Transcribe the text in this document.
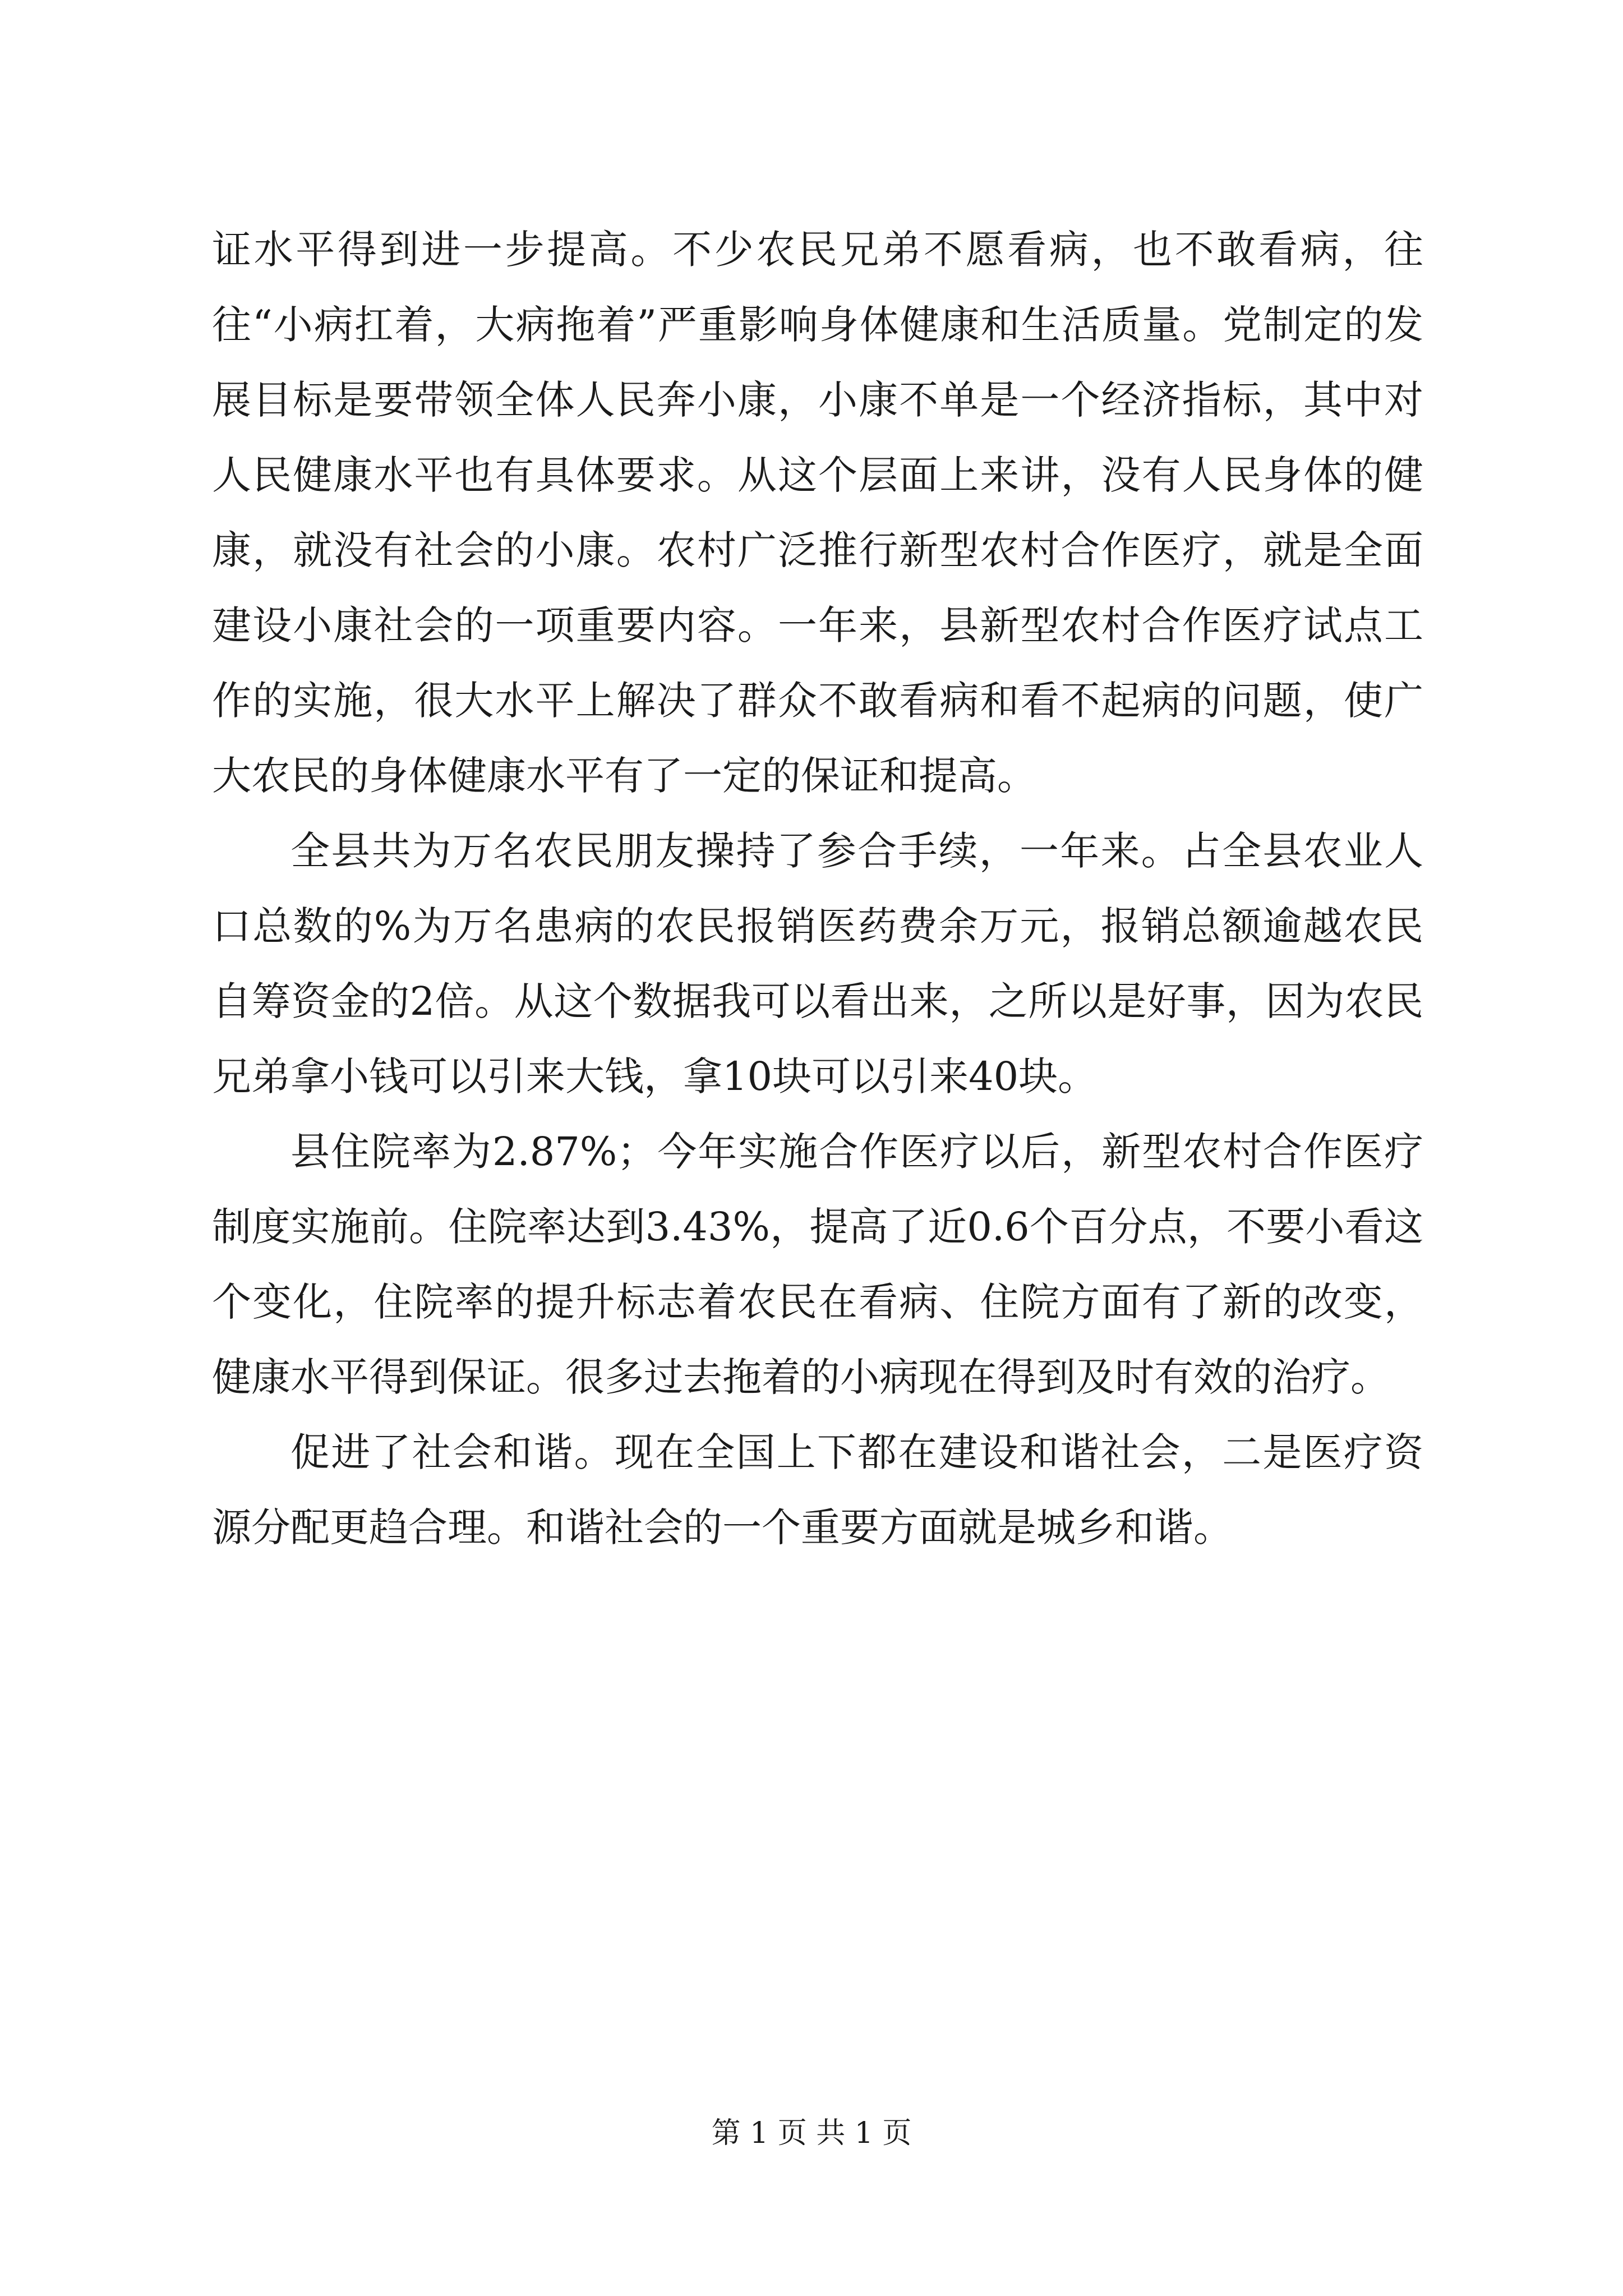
证水平得到进一步提高。不少农民兄弟不愿看病，也不敢看病，往往“小病扛着，大病拖着”严重影响身体健康和生活质量。党制定的发展目标是要带领全体人民奔小康，小康不单是一个经济指标，其中对人民健康水平也有具体要求。从这个层面上来讲，没有人民身体的健康，就没有社会的小康。农村广泛推行新型农村合作医疗，就是全面建设小康社会的一项重要内容。一年来，县新型农村合作医疗试点工作的实施，很大水平上解决了群众不敢看病和看不起病的问题，使广大农民的身体健康水平有了一定的保证和提高。

全县共为万名农民朋友操持了参合手续，一年来。占全县农业人口总数的%为万名患病的农民报销医药费余万元，报销总额逾越农民自筹资金的2倍。从这个数据我可以看出来，之所以是好事，因为农民兄弟拿小钱可以引来大钱，拿10块可以引来40块。

县住院率为2.87%；今年实施合作医疗以后，新型农村合作医疗制度实施前。住院率达到3.43%，提高了近0.6个百分点，不要小看这个变化，住院率的提升标志着农民在看病、住院方面有了新的改变，健康水平得到保证。很多过去拖着的小病现在得到及时有效的治疗。

促进了社会和谐。现在全国上下都在建设和谐社会，二是医疗资源分配更趋合理。和谐社会的一个重要方面就是城乡和谐。

第 1 页 共 1 页
